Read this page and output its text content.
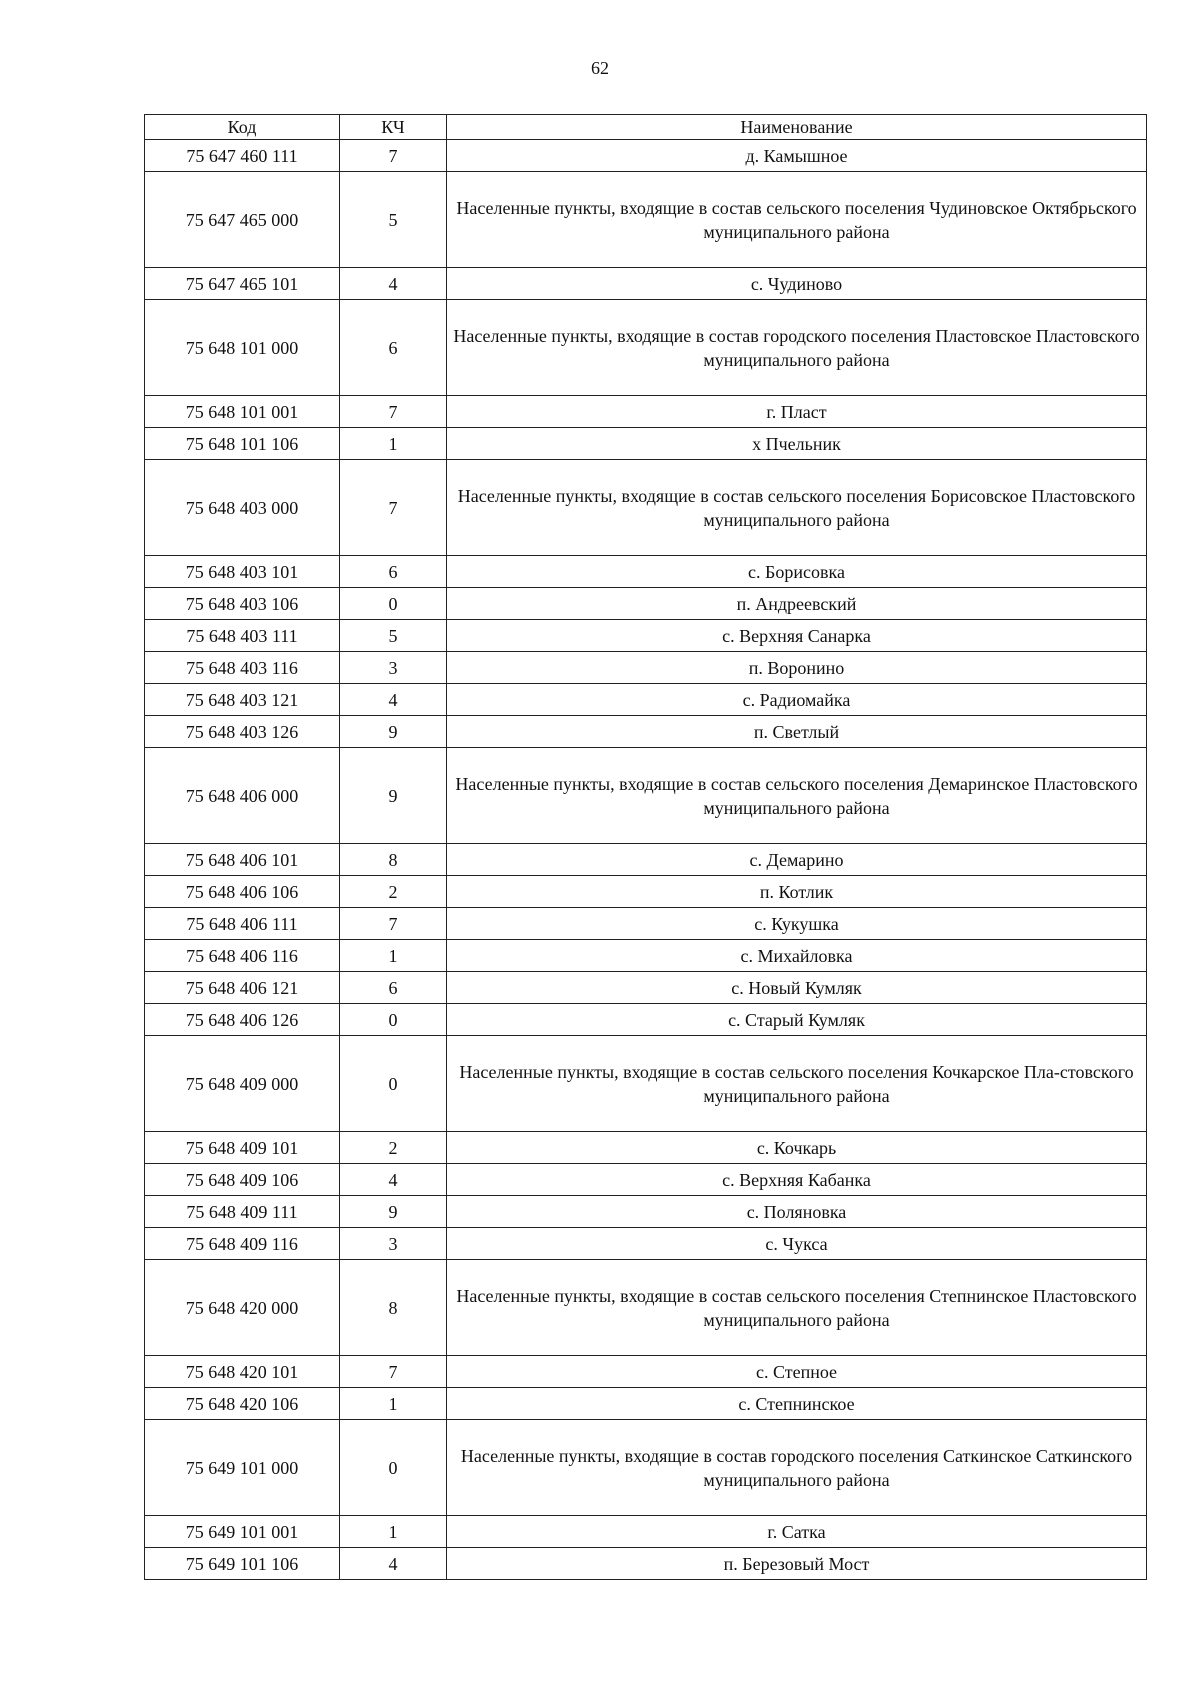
62
Код	КЧ	Наименование
75 647 460 111	7	д. Камышное
75 647 465 000	5	Населенные пункты, входящие в состав сельского поселения Чудиновское Октябрьского муниципального района
75 647 465 101	4	с. Чудиново
75 648 101 000	6	Населенные пункты, входящие в состав городского поселения Пластовское Пластовского муниципального района
75 648 101 001	7	г. Пласт
75 648 101 106	1	х Пчельник
75 648 403 000	7	Населенные пункты, входящие в состав сельского поселения Борисовское Пластовского муниципального района
75 648 403 101	6	с. Борисовка
75 648 403 106	0	п. Андреевский
75 648 403 111	5	с. Верхняя Санарка
75 648 403 116	3	п. Воронино
75 648 403 121	4	с. Радиомайка
75 648 403 126	9	п. Светлый
75 648 406 000	9	Населенные пункты, входящие в состав сельского поселения Демаринское Пластовского муниципального района
75 648 406 101	8	с. Демарино
75 648 406 106	2	п. Котлик
75 648 406 111	7	с. Кукушка
75 648 406 116	1	с. Михайловка
75 648 406 121	6	с. Новый Кумляк
75 648 406 126	0	с. Старый Кумляк
75 648 409 000	0	Населенные пункты, входящие в состав сельского поселения Кочкарское Пла-стовского муниципального района
75 648 409 101	2	с. Кочкарь
75 648 409 106	4	с. Верхняя Кабанка
75 648 409 111	9	с. Поляновка
75 648 409 116	3	с. Чукса
75 648 420 000	8	Населенные пункты, входящие в состав сельского поселения Степнинское Пластовского муниципального района
75 648 420 101	7	с. Степное
75 648 420 106	1	с. Степнинское
75 649 101 000	0	Населенные пункты, входящие в состав городского поселения Саткинское Саткинского муниципального района
75 649 101 001	1	г. Сатка
75 649 101 106	4	п. Березовый Мост
